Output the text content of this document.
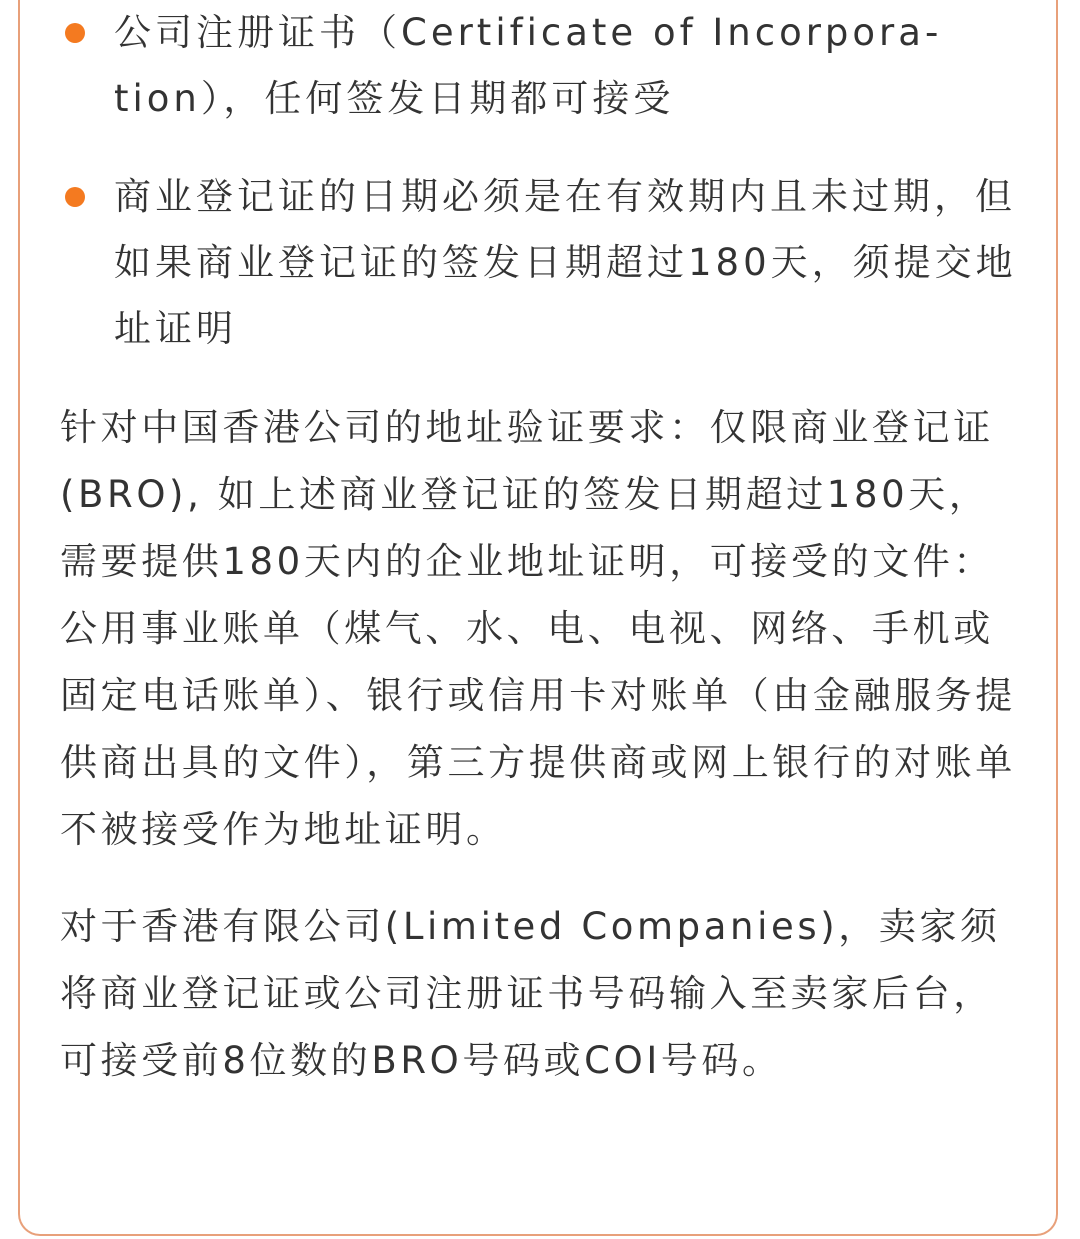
公司注册证书（Certificate of Incorpora-tion），任何签发日期都可接受
商业登记证的日期必须是在有效期内且未过期，但如果商业登记证的签发日期超过180天，须提交地址证明

针对中国香港公司的地址验证要求：仅限商业登记证(BRO), 如上述商业登记证的签发日期超过180天，需要提供180天内的企业地址证明，可接受的文件：公用事业账单（煤气、水、电、电视、网络、手机或固定电话账单）、银行或信用卡对账单（由金融服务提供商出具的文件），第三方提供商或网上银行的对账单不被接受作为地址证明。

对于香港有限公司(Limited Companies)，卖家须将商业登记证或公司注册证书号码输入至卖家后台，可接受前8位数的BRO号码或COI号码。
